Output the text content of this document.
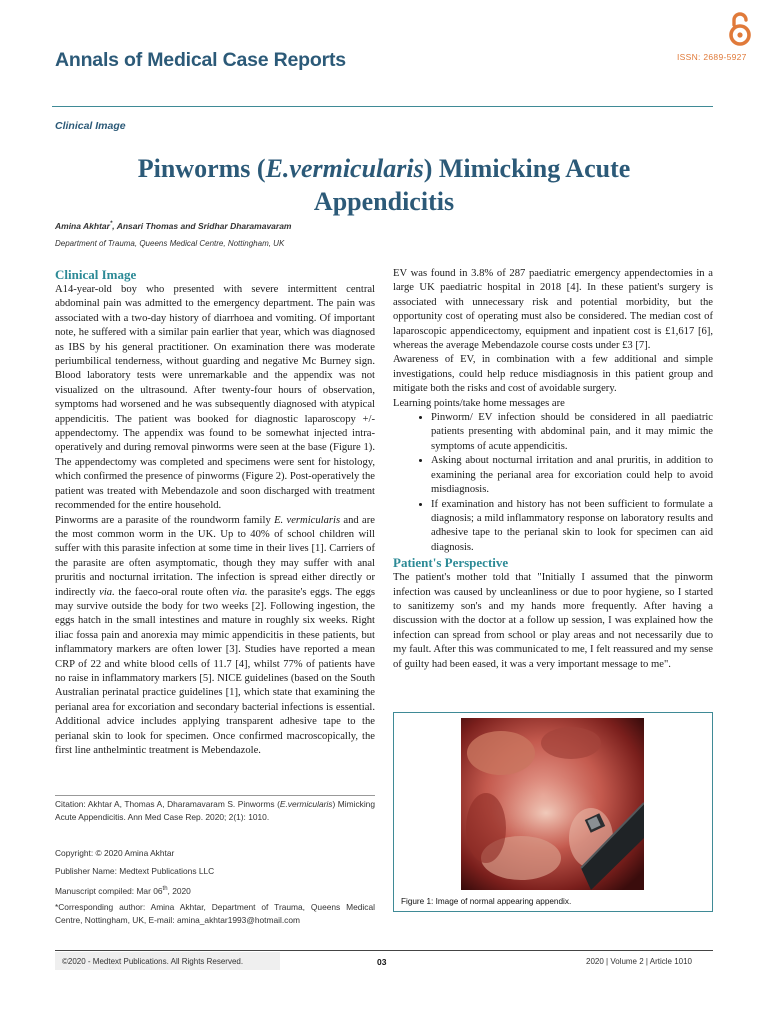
Annals of Medical Case Reports	ISSN: 2689-5927
Clinical Image
Pinworms (E.vermicularis) Mimicking Acute
Appendicitis
Amina Akhtar*, Ansari Thomas and Sridhar Dharamavaram
Department of Trauma, Queens Medical Centre, Nottingham, UK
Clinical Image

A14-year-old boy who presented with severe intermittent central abdominal pain was admitted to the emergency department. The pain was associated with a two-day history of diarrhoea and vomiting. Of important note, he suffered with a similar pain earlier that year, which was diagnosed as IBS by his general practitioner. On examination there was moderate periumbilical tenderness, without guarding and negative Mc Burney sign. Blood laboratory tests were unremarkable and the appendix was not visualized on the ultrasound. After twenty-four hours of observation, symptoms had worsened and he was subsequently diagnosed with atypical appendicitis. The patient was booked for diagnostic laparoscopy +/- appendectomy. The appendix was found to be somewhat injected intra-operatively and during removal pinworms were seen at the base (Figure 1). The appendectomy was completed and specimens were sent for histology, which confirmed the presence of pinworms (Figure 2). Post-operatively the patient was treated with Mebendazole and soon discharged with treatment recommended for the entire household.

Pinworms are a parasite of the roundworm family E. vermicularis and are the most common worm in the UK. Up to 40% of school children will suffer with this parasite infection at some time in their lives [1]. Carriers of the parasite are often asymptomatic, though they may suffer with anal pruritis and nocturnal irritation. The infection is spread either directly or indirectly via. the faeco-oral route often via. the parasite's eggs. The eggs may survive outside the body for two weeks [2]. Following ingestion, the eggs hatch in the small intestines and mature in roughly six weeks. Right iliac fossa pain and anorexia may mimic appendicitis in these patients, but inflammatory markers are often lower [3]. Studies have reported a mean CRP of 22 and white blood cells of 11.7 [4], whilst 77% of patients have no raise in inflammatory markers [5]. NICE guidelines (based on the South Australian perinatal practice guidelines [1], which state that examining the perianal area for excoriation and secondary bacterial infections is essential. Additional advice includes applying transparent adhesive tape to the perianal skin to look for specimen. Once confirmed macroscopically, the first line anthelmintic treatment is Mebendazole.

Citation: Akhtar A, Thomas A, Dharamavaram S. Pinworms (E.vermicularis) Mimicking Acute Appendicitis. Ann Med Case Rep. 2020; 2(1): 1010.
Copyright: © 2020 Amina Akhtar
Publisher Name: Medtext Publications LLC
Manuscript compiled: Mar 06th, 2020
*Corresponding author: Amina Akhtar, Department of Trauma, Queens Medical Centre, Nottingham, UK, E-mail: amina_akhtar1993@hotmail.com

EV was found in 3.8% of 287 paediatric emergency appendectomies in a large UK paediatric hospital in 2018 [4]. In these patient's surgery is associated with unnecessary risk and potential morbidity, but the opportunity cost of operating must also be considered. The median cost of laparoscopic appendicectomy, equipment and inpatient cost is £1,617 [6], whereas the average Mebendazole course costs under £3 [7].

Awareness of EV, in combination with a few additional and simple investigations, could help reduce misdiagnosis in this patient group and mitigate both the risks and cost of avoidable surgery.

Learning points/take home messages are

• Pinworm/ EV infection should be considered in all paediatric patients presenting with abdominal pain, and it may mimic the symptoms of acute appendicitis.
• Asking about nocturnal irritation and anal pruritis, in addition to examining the perianal area for excoriation could help to avoid misdiagnosis.
• If examination and history has not been sufficient to formulate a diagnosis; a mild inflammatory response on laboratory results and adhesive tape to the perianal skin to look for specimen can aid diagnosis.
Patient's Perspective

The patient's mother told that "Initially I assumed that the pinworm infection was caused by uncleanliness or due to poor hygiene, so I started to sanitizemy son's and my hands more frequently. After having a discussion with the doctor at a follow up session, I was explained how the infection can spread from school or play areas and not necessarily due to my fault. After this was communicated to me, I felt reassured and my sense of guilty had been eased, it was a very important message to me".

Figure 1: Image of normal appearing appendix.
©2020 - Medtext Publications. All Rights Reserved.	03	2020 | Volume 2 | Article 1010
